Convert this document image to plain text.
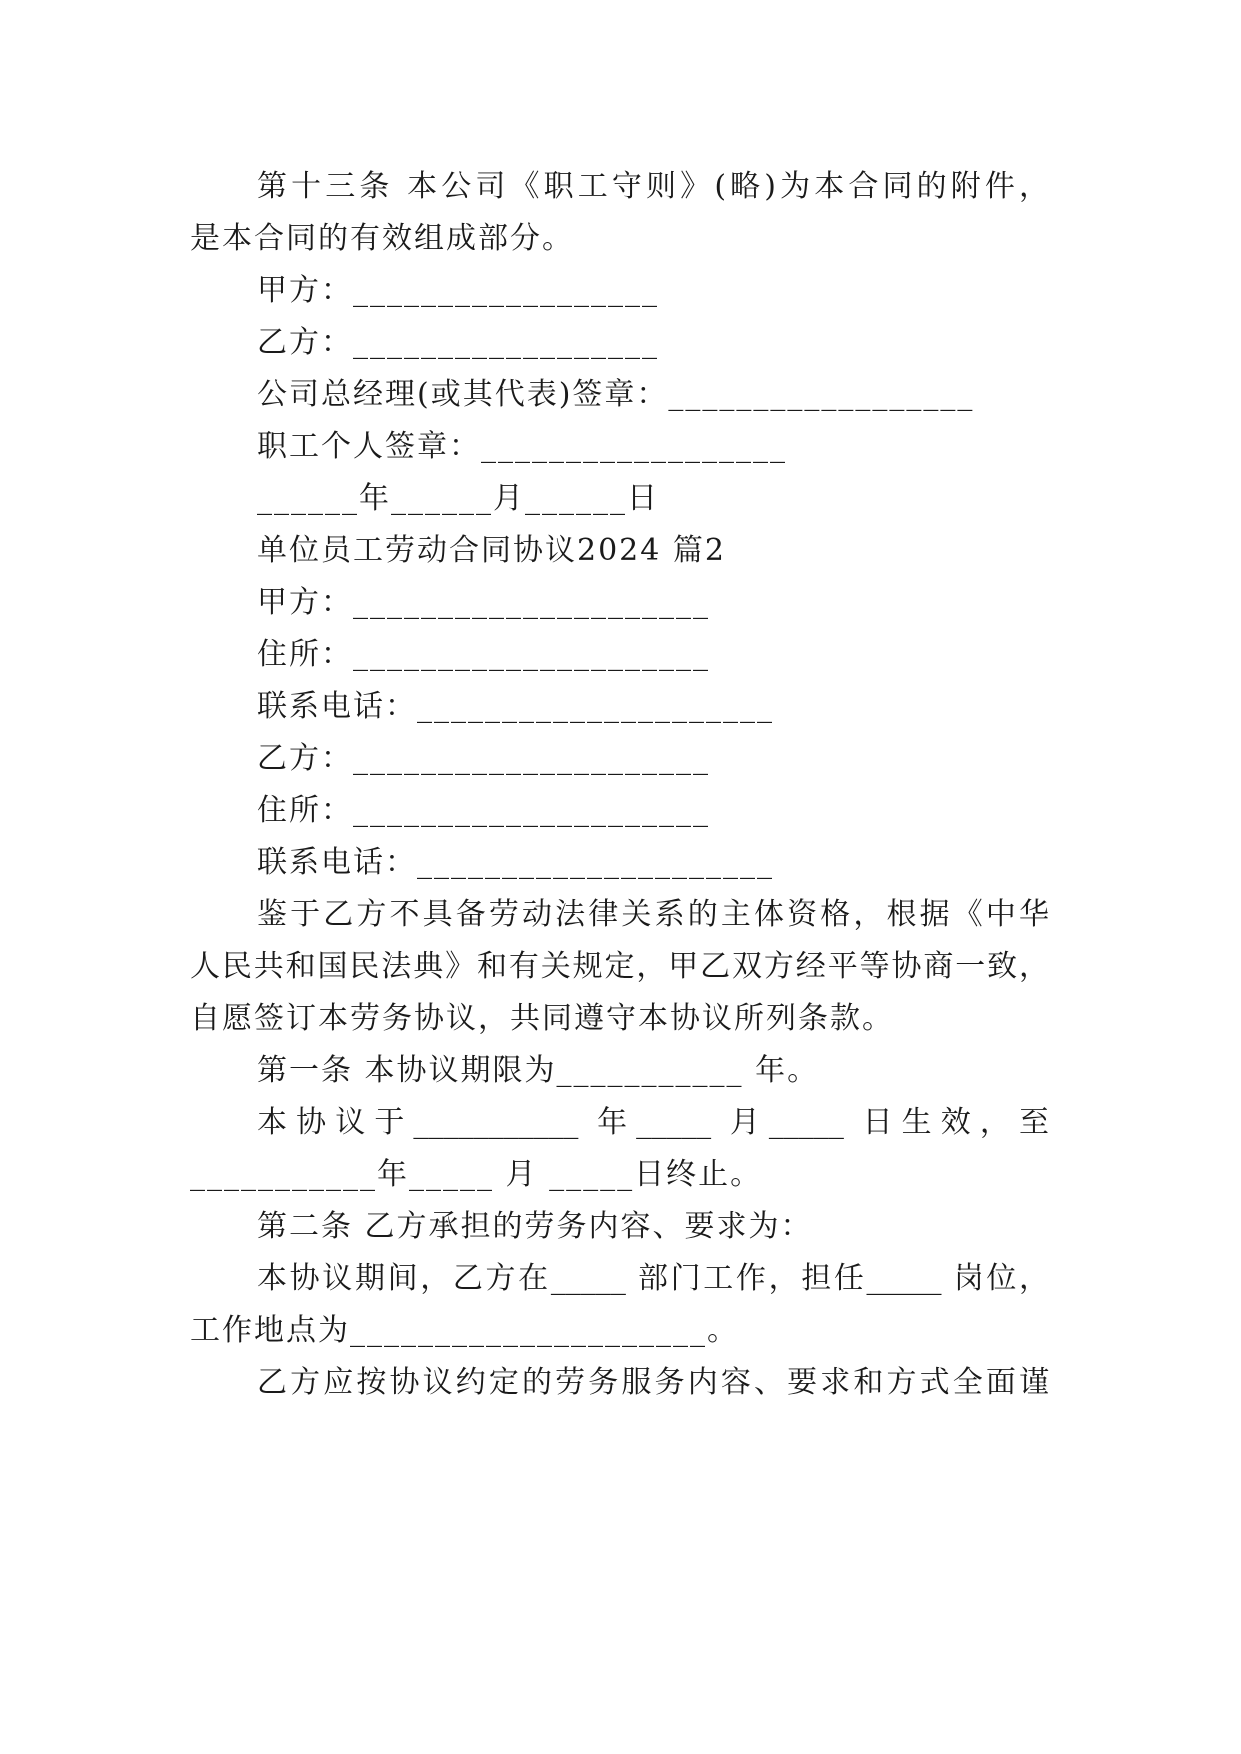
第十三条 本公司《职工守则》(略)为本合同的附件，
是本合同的有效组成部分。
甲方：__________________
乙方：__________________
公司总经理(或其代表)签章：__________________
职工个人签章：__________________
______年______月______日
单位员工劳动合同协议2024 篇2
甲方：_____________________
住所：_____________________
联系电话：_____________________
乙方：_____________________
住所：_____________________
联系电话：_____________________
鉴于乙方不具备劳动法律关系的主体资格，根据《中华
人民共和国民法典》和有关规定，甲乙双方经平等协商一致，
自愿签订本劳务协议，共同遵守本协议所列条款。
第一条 本协议期限为___________ 年。
本协议于___________ 年_____ 月_____ 日生效，至
___________年_____ 月 _____日终止。
第二条 乙方承担的劳务内容、要求为：
本协议期间，乙方在_____ 部门工作，担任_____ 岗位，
工作地点为_____________________。
乙方应按协议约定的劳务服务内容、要求和方式全面谨
